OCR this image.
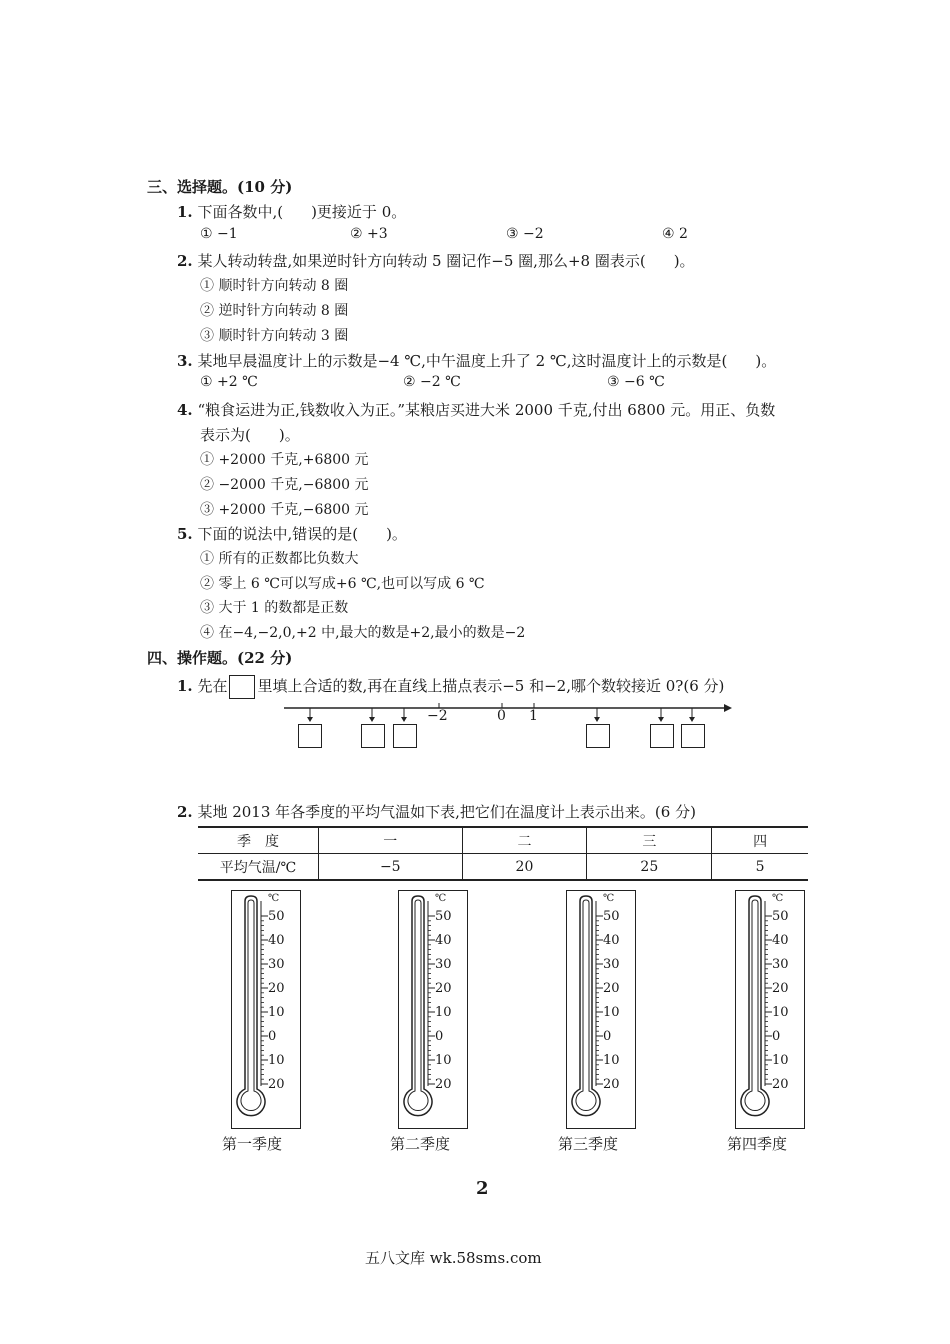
三、选择题。(10 分)
1. 下面各数中,( )更接近于 0。
① −1	② +3	③ −2	④ 2
2. 某人转动转盘,如果逆时针方向转动 5 圈记作−5 圈,那么+8 圈表示( )。
① 顺时针方向转动 8 圈
② 逆时针方向转动 8 圈
③ 顺时针方向转动 3 圈
3. 某地早晨温度计上的示数是−4 ℃,中午温度上升了 2 ℃,这时温度计上的示数是( )。
① +2 ℃	② −2 ℃	③ −6 ℃
4. “粮食运进为正,钱数收入为正。”某粮店买进大米 2000 千克,付出 6800 元。用正、负数
表示为( )。
① +2000 千克,+6800 元
② −2000 千克,−6800 元
③ +2000 千克,−6800 元
5. 下面的说法中,错误的是( )。
① 所有的正数都比负数大
② 零上 6 ℃可以写成+6 ℃,也可以写成 6 ℃
③ 大于 1 的数都是正数
④ 在−4,−2,0,+2 中,最大的数是+2,最小的数是−2
四、操作题。(22 分)
1. 先在 里填上合适的数,再在直线上描点表示−5 和−2,哪个数较接近 0?(6 分)
−2	0 1
2. 某地 2013 年各季度的平均气温如下表,把它们在温度计上表示出来。(6 分)
季　度	一	二	三	四
平均气温/℃	−5	20	25	5
℃
50
40
30
20
10
0
10
20
第一季度
℃
50
40
30
20
10
0
10
20
第二季度
℃
50
40
30
20
10
0
10
20
第三季度
℃
50
40
30
20
10
0
10
20
第四季度
2
五八文库 wk.58sms.com
